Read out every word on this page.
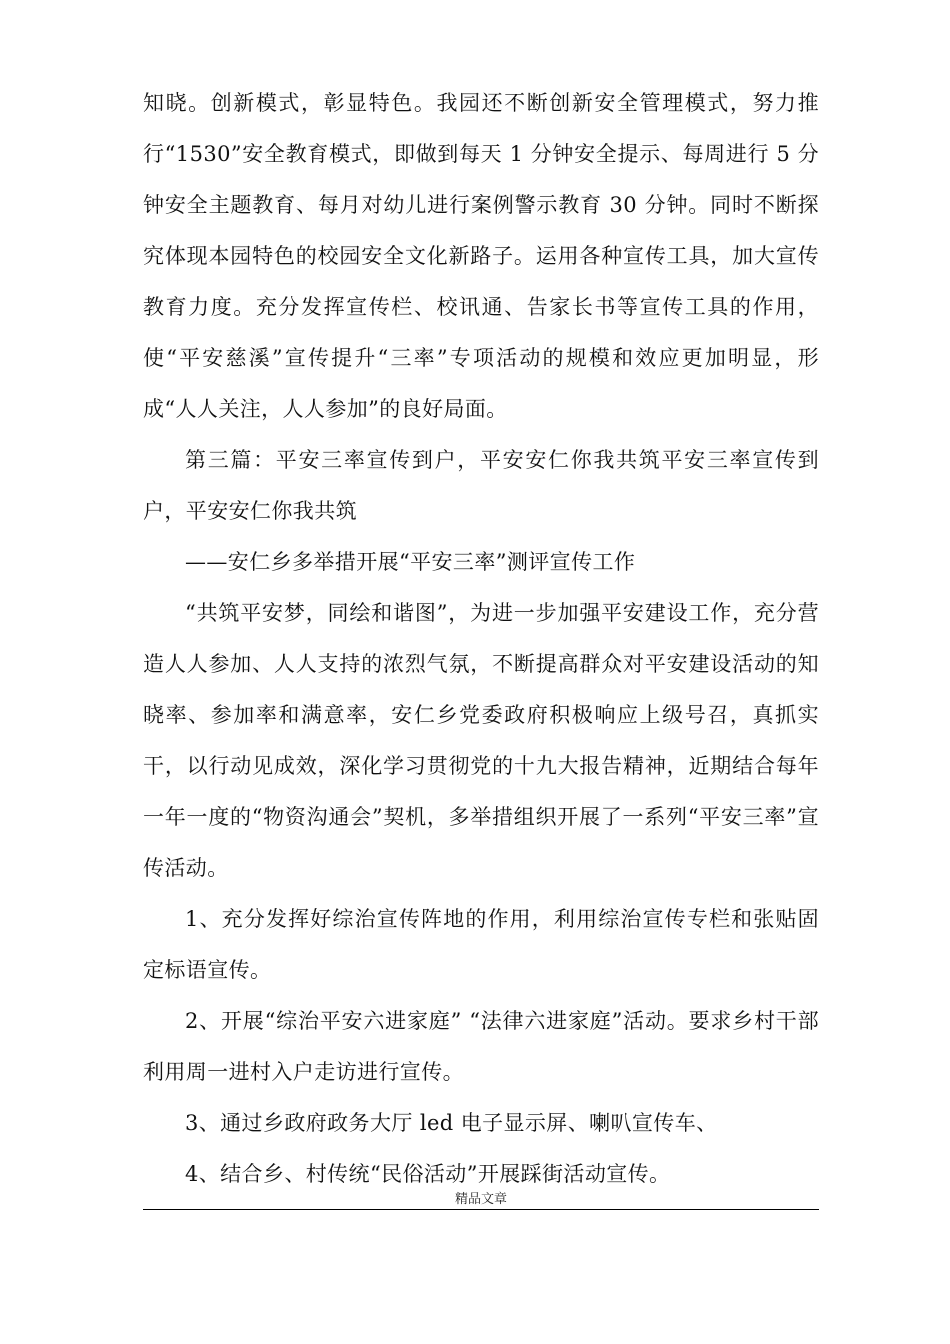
知晓。创新模式，彰显特色。我园还不断创新安全管理模式，努力推行“1530”安全教育模式，即做到每天 1 分钟安全提示、每周进行 5 分钟安全主题教育、每月对幼儿进行案例警示教育 30 分钟。同时不断探究体现本园特色的校园安全文化新路子。运用各种宣传工具，加大宣传教育力度。充分发挥宣传栏、校讯通、告家长书等宣传工具的作用，使“平安慈溪”宣传提升“三率”专项活动的规模和效应更加明显，形成“人人关注，人人参加”的良好局面。

第三篇：平安三率宣传到户，平安安仁你我共筑平安三率宣传到户，平安安仁你我共筑

——安仁乡多举措开展“平安三率”测评宣传工作

“共筑平安梦，同绘和谐图”，为进一步加强平安建设工作，充分营造人人参加、人人支持的浓烈气氛，不断提高群众对平安建设活动的知晓率、参加率和满意率，安仁乡党委政府积极响应上级号召，真抓实干，以行动见成效，深化学习贯彻党的十九大报告精神，近期结合每年一年一度的“物资沟通会”契机，多举措组织开展了一系列“平安三率”宣传活动。

1、充分发挥好综治宣传阵地的作用，利用综治宣传专栏和张贴固定标语宣传。

2、开展“综治平安六进家庭” “法律六进家庭”活动。要求乡村干部利用周一进村入户走访进行宣传。

3、通过乡政府政务大厅 led 电子显示屏、喇叭宣传车、

4、结合乡、村传统“民俗活动”开展踩街活动宣传。

精品文章
